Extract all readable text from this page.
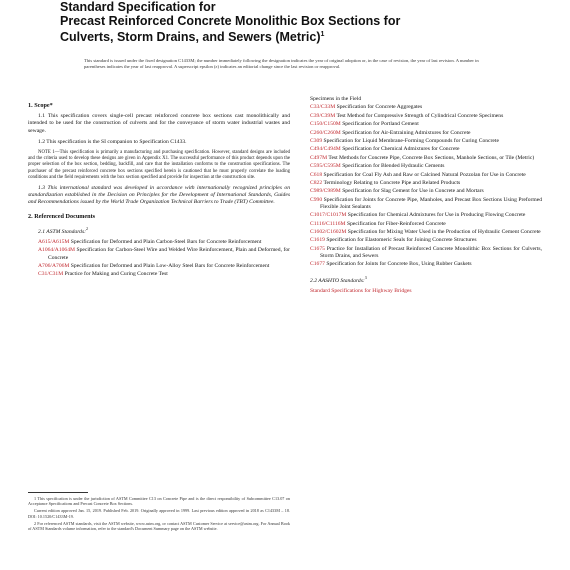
Standard Specification for
Precast Reinforced Concrete Monolithic Box Sections for
Culverts, Storm Drains, and Sewers (Metric)$^1$
This standard is issued under the fixed designation C1433M; the number immediately following the designation indicates the year of original adoption or, in the case of revision, the year of last revision. A number in parentheses indicates the year of last reapproval. A superscript epsilon (ε) indicates an editorial change since the last revision or reapproval.
1. Scope*
1.1 This specification covers single-cell precast reinforced concrete box sections cast monolithically and intended to be used for the construction of culverts and for the conveyance of storm water industrial wastes and sewage.
1.2 This specification is the SI companion to Specification C1433.
NOTE 1—This specification is primarily a manufacturing and purchasing specification. However, standard designs are included and the criteria used to develop these designs are given in Appendix X1. The successful performance of this product depends upon the proper selection of the box section, bedding, backfill, and care that the installation conforms to the construction specifications. The purchaser of the precast reinforced concrete box sections specified herein is cautioned that he must properly correlate the loading conditions and the field requirements with the box section specified and provide for inspection at the construction site.
1.3 This international standard was developed in accordance with internationally recognized principles on standardization established in the Decision on Principles for the Development of International Standards, Guides and Recommendations issued by the World Trade Organization Technical Barriers to Trade (TBT) Committee.
2. Referenced Documents
2.1 ASTM Standards:$^2$
A615/A615M Specification for Deformed and Plain Carbon-Steel Bars for Concrete Reinforcement
A1064/A1064M Specification for Carbon-Steel Wire and Welded Wire Reinforcement, Plain and Deformed, for Concrete
A706/A706M Specification for Deformed and Plain Low-Alloy Steel Bars for Concrete Reinforcement
C31/C31M Practice for Making and Curing Concrete Test
Specimens in the Field
C33/C33M Specification for Concrete Aggregates
C39/C39M Test Method for Compressive Strength of Cylindrical Concrete Specimens
C150/C150M Specification for Portland Cement
C260/C260M Specification for Air-Entraining Admixtures for Concrete
C309 Specification for Liquid Membrane-Forming Compounds for Curing Concrete
C494/C494M Specification for Chemical Admixtures for Concrete
C497M Test Methods for Concrete Pipe, Concrete Box Sections, Manhole Sections, or Tile (Metric)
C595/C595M Specification for Blended Hydraulic Cements
C618 Specification for Coal Fly Ash and Raw or Calcined Natural Pozzolan for Use in Concrete
C822 Terminology Relating to Concrete Pipe and Related Products
C989/C989M Specification for Slag Cement for Use in Concrete and Mortars
C990 Specification for Joints for Concrete Pipe, Manholes, and Precast Box Sections Using Preformed Flexible Joint Sealants
C1017/C1017M Specification for Chemical Admixtures for Use in Producing Flowing Concrete
C1116/C1116M Specification for Fiber-Reinforced Concrete
C1602/C1602M Specification for Mixing Water Used in the Production of Hydraulic Cement Concrete
C1619 Specification for Elastomeric Seals for Joining Concrete Structures
C1675 Practice for Installation of Precast Reinforced Concrete Monolithic Box Sections for Culverts, Storm Drains, and Sewers
C1677 Specification for Joints for Concrete Box, Using Rubber Gaskets
2.2 AASHTO Standards:$^3$
Standard Specifications for Highway Bridges

1 This specification is under the jurisdiction of ASTM Committee C13 on Concrete Pipe and is the direct responsibility of Subcommittee C13.07 on Acceptance Specifications and Precast Concrete Box Sections.

Current edition approved Jan. 15, 2019. Published Feb. 2019. Originally approved in 1999. Last previous edition approved in 2018 as C1433M – 18. DOI: 10.1520/C1433M-19.

2 For referenced ASTM standards, visit the ASTM website, www.astm.org, or contact ASTM Customer Service at service@astm.org. For Annual Book of ASTM Standards volume information, refer to the standard's Document Summary page on the ASTM website.
